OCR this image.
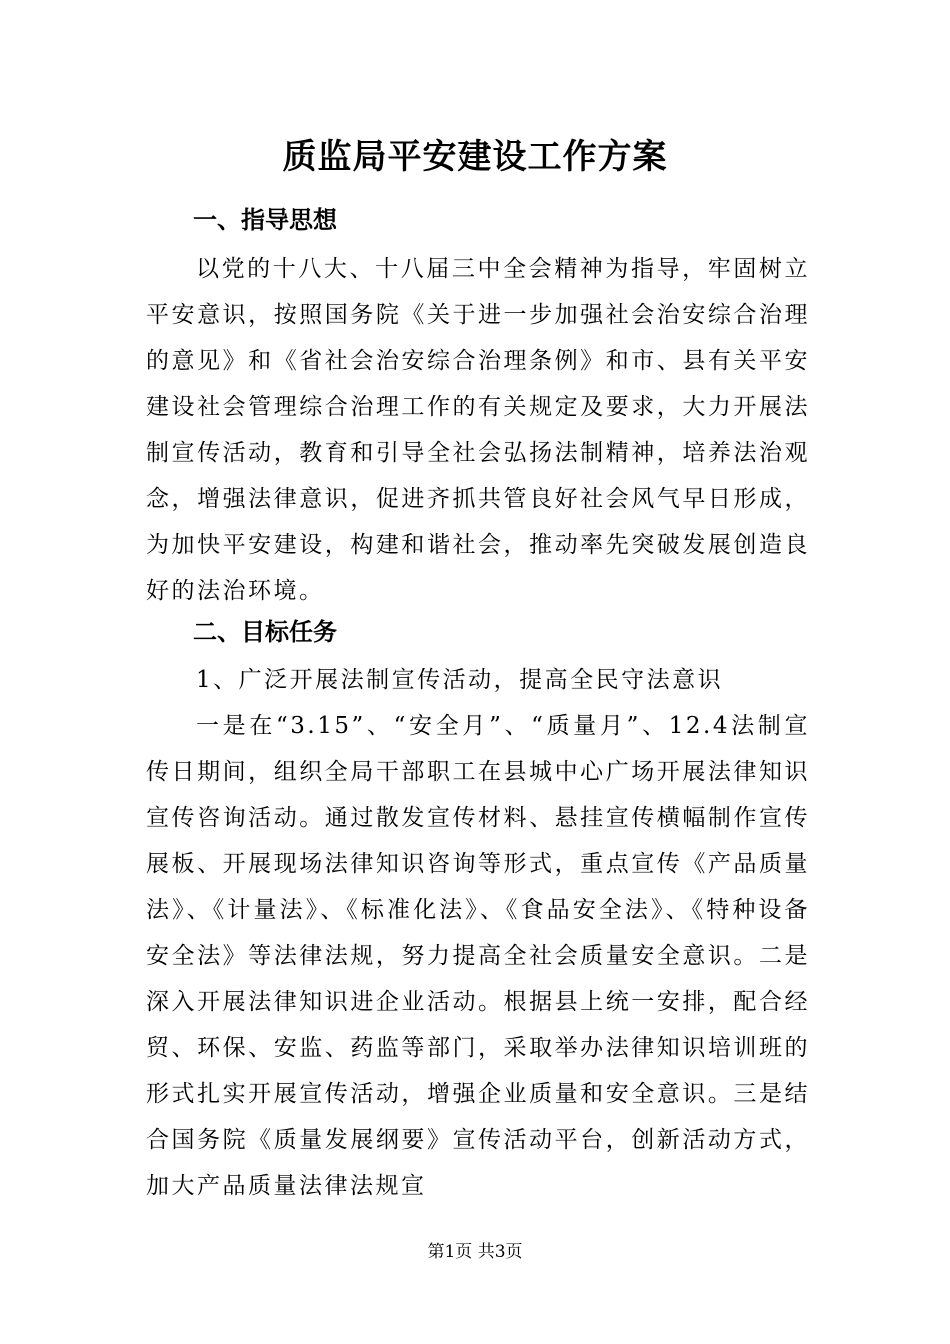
质监局平安建设工作方案
一、指导思想

以党的十八大、十八届三中全会精神为指导，牢固树立平安意识，按照国务院《关于进一步加强社会治安综合治理的意见》和《省社会治安综合治理条例》和市、县有关平安建设社会管理综合治理工作的有关规定及要求，大力开展法制宣传活动，教育和引导全社会弘扬法制精神，培养法治观念，增强法律意识，促进齐抓共管良好社会风气早日形成，为加快平安建设，构建和谐社会，推动率先突破发展创造良好的法治环境。

二、目标任务

1、广泛开展法制宣传活动，提高全民守法意识

一是在“3.15”、“安全月”、“质量月”、12.4法制宣传日期间，组织全局干部职工在县城中心广场开展法律知识宣传咨询活动。通过散发宣传材料、悬挂宣传横幅制作宣传展板、开展现场法律知识咨询等形式，重点宣传《产品质量法》、《计量法》、《标准化法》、《食品安全法》、《特种设备安全法》等法律法规，努力提高全社会质量安全意识。二是深入开展法律知识进企业活动。根据县上统一安排，配合经贸、环保、安监、药监等部门，采取举办法律知识培训班的形式扎实开展宣传活动，增强企业质量和安全意识。三是结合国务院《质量发展纲要》宣传活动平台，创新活动方式，加大产品质量法律法规宣

第1页 共3页
